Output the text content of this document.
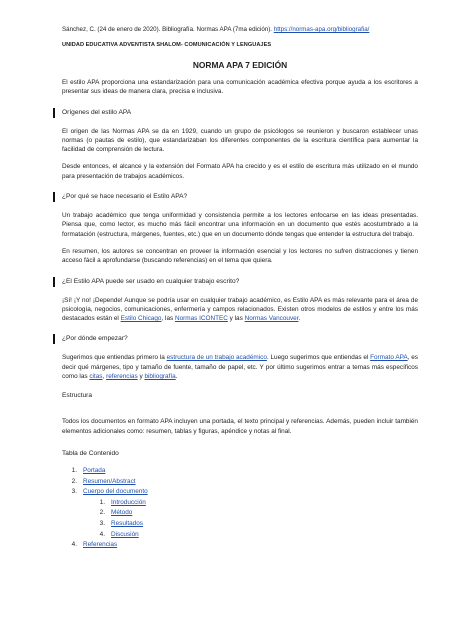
Sánchez, C. (24 de enero de 2020). Bibliografía. Normas APA (7ma edición). https://normas-apa.org/bibliografia/
UNIDAD EDUCATIVA ADVENTISTA SHALOM- COMUNICACIÓN Y LENGUAJES
NORMA APA 7 EDICIÓN

El estilo APA proporciona una estandarización para una comunicación académica efectiva porque ayuda a los escritores a presentar sus ideas de manera clara, precisa e inclusiva.

Orígenes del estilo APA

El origen de las Normas APA se da en 1929, cuando un grupo de psicólogos se reunieron y buscaron establecer unas normas (o pautas de estilo), que estandarizaban los diferentes componentes de la escritura científica para aumentar la facilidad de comprensión de lectura.

Desde entonces, el alcance y la extensión del Formato APA ha crecido y es el estilo de escritura más utilizado en el mundo para presentación de trabajos académicos.

¿Por qué se hace necesario el Estilo APA?

Un trabajo académico que tenga uniformidad y consistencia permite a los lectores enfocarse en las ideas presentadas. Piensa que, como lector, es mucho más fácil encontrar una información en un documento que estés acostumbrado a la formatación (estructura, márgenes, fuentes, etc.) que en un documento dónde tengas que entender la estructura del trabajo.

En resumen, los autores se concentran en proveer la información esencial y los lectores no sufren distracciones y tienen acceso fácil a aprofundarse (buscando referencias) en el tema que quiera.

¿El Estilo APA puede ser usado en cualquier trabajo escrito?

¡Sí! ¡Y no! ¡Depende! Aunque se podría usar en cualquier trabajo académico, es Estilo APA es más relevante para el área de psicología, negocios, comunicaciones, enfermería y campos relacionados. Existen otros modelos de estilos y entre los más destacados están el Estilo Chicago, las Normas ICONTEC y las Normas Vancouver.

¿Por dónde empezar?

Sugerimos que entiendas primero la estructura de un trabajo académico. Luego sugerimos que entiendas el Formato APA, es decir qué márgenes, tipo y tamaño de fuente, tamaño de papel, etc. Y por último sugerimos entrar a temas más específicos como las citas, referencias y bibliografía.

Estructura

Todos los documentos en formato APA incluyen una portada, el texto principal y referencias. Además, pueden incluir también elementos adicionales como: resumen, tablas y figuras, apéndice y notas al final.

Tabla de Contenido
1. Portada
2. Resumen/Abstract
3. Cuerpo del documento
1. Introducción
2. Método
3. Resultados
4. Discusión
4. Referencias
